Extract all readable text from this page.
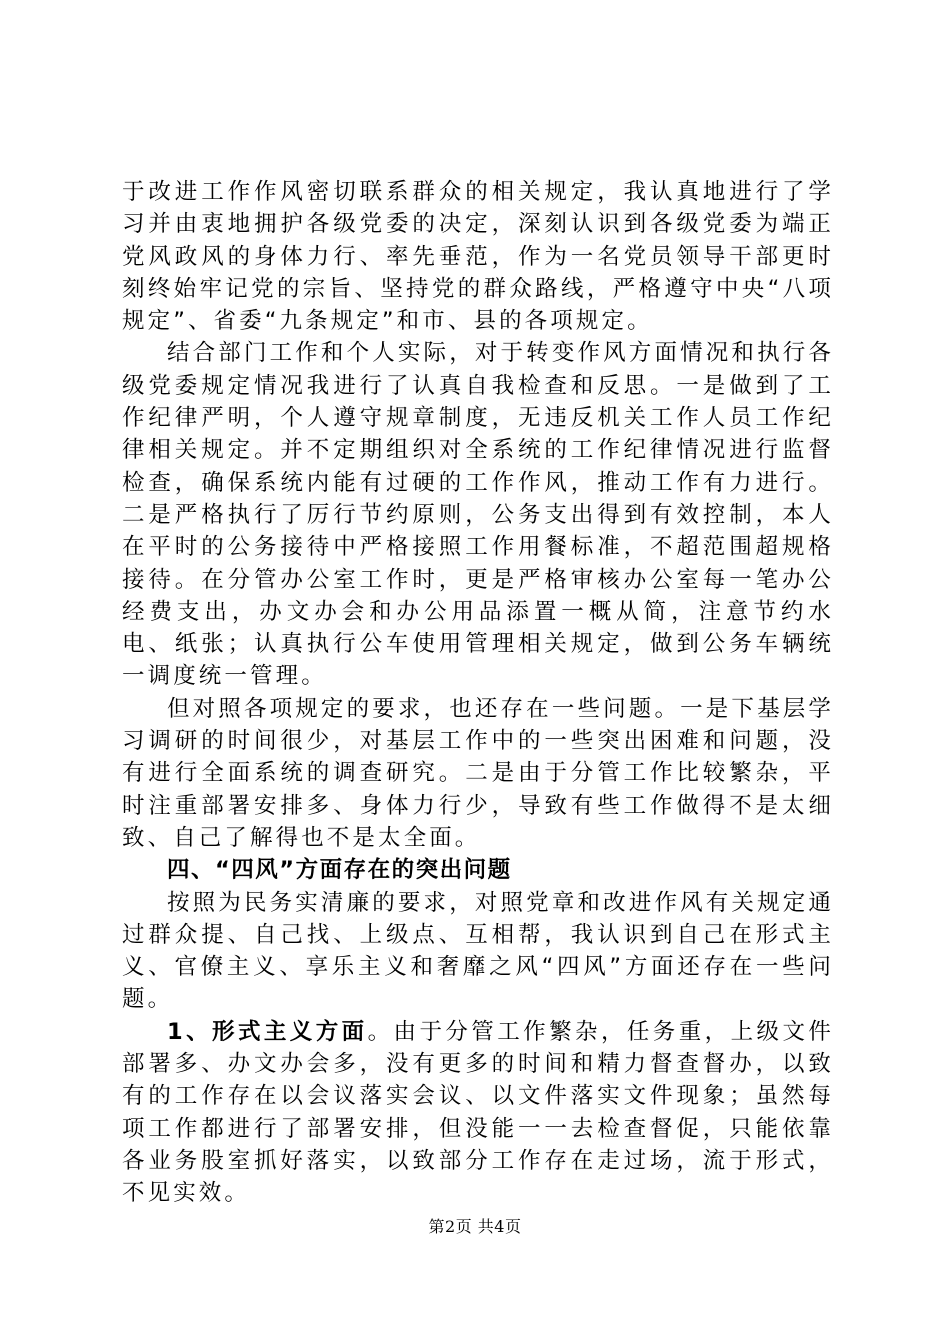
于改进工作作风密切联系群众的相关规定，我认真地进行了学习并由衷地拥护各级党委的决定，深刻认识到各级党委为端正党风政风的身体力行、率先垂范，作为一名党员领导干部更时刻终始牢记党的宗旨、坚持党的群众路线，严格遵守中央“八项规定”、省委“九条规定”和市、县的各项规定。

结合部门工作和个人实际，对于转变作风方面情况和执行各级党委规定情况我进行了认真自我检查和反思。一是做到了工作纪律严明，个人遵守规章制度，无违反机关工作人员工作纪律相关规定。并不定期组织对全系统的工作纪律情况进行监督检查，确保系统内能有过硬的工作作风，推动工作有力进行。二是严格执行了厉行节约原则，公务支出得到有效控制，本人在平时的公务接待中严格接照工作用餐标准，不超范围超规格接待。在分管办公室工作时，更是严格审核办公室每一笔办公经费支出，办文办会和办公用品添置一概从简，注意节约水电、纸张；认真执行公车使用管理相关规定，做到公务车辆统一调度统一管理。

但对照各项规定的要求，也还存在一些问题。一是下基层学习调研的时间很少，对基层工作中的一些突出困难和问题，没有进行全面系统的调查研究。二是由于分管工作比较繁杂，平时注重部署安排多、身体力行少，导致有些工作做得不是太细致、自己了解得也不是太全面。

四、“四风”方面存在的突出问题

按照为民务实清廉的要求，对照党章和改进作风有关规定通过群众提、自己找、上级点、互相帮，我认识到自己在形式主义、官僚主义、享乐主义和奢靡之风“四风”方面还存在一些问题。

1、形式主义方面。由于分管工作繁杂，任务重，上级文件部署多、办文办会多，没有更多的时间和精力督查督办，以致有的工作存在以会议落实会议、以文件落实文件现象；虽然每项工作都进行了部署安排，但没能一一去检查督促，只能依靠各业务股室抓好落实，以致部分工作存在走过场，流于形式，不见实效。

第2页 共4页
